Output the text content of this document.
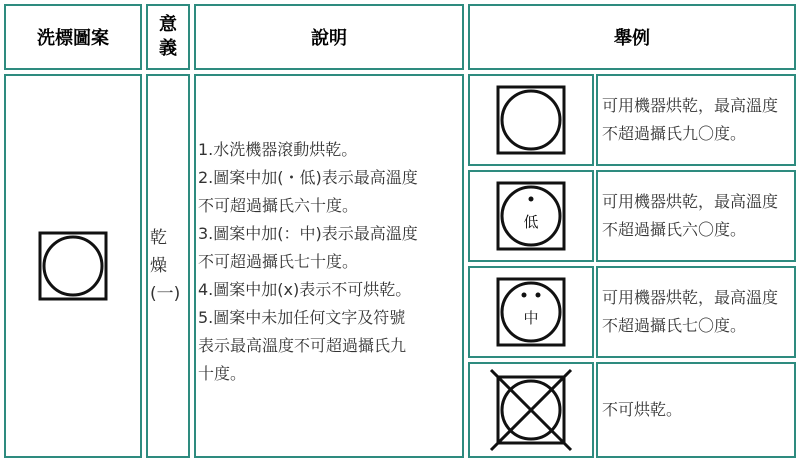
洗標圖案
意
義	說明	舉例
乾
燥
(一)
1.水洗機器滾動烘乾。
2.圖案中加(・低)表示最高溫度
不可超過攝氏六十度。
3.圖案中加(：中)表示最高溫度
不可超過攝氏七十度。
4.圖案中加(x)表示不可烘乾。
5.圖案中未加任何文字及符號
表示最高溫度不可超過攝氏九
十度。
低
中
可用機器烘乾，最高溫度不超過攝氏九〇度。
可用機器烘乾，最高溫度不超過攝氏六〇度。
可用機器烘乾，最高溫度不超過攝氏七〇度。
不可烘乾。
